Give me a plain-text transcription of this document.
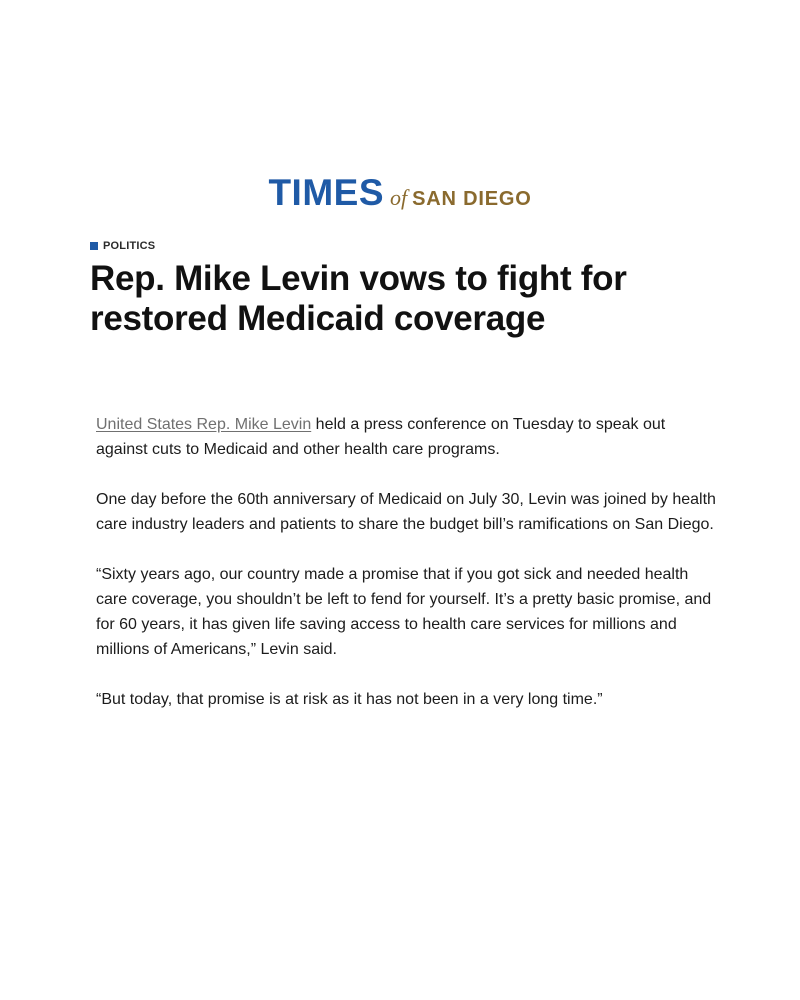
TIMES of SAN DIEGO
POLITICS
Rep. Mike Levin vows to fight for restored Medicaid coverage

United States Rep. Mike Levin held a press conference on Tuesday to speak out against cuts to Medicaid and other health care programs.

One day before the 60th anniversary of Medicaid on July 30, Levin was joined by health care industry leaders and patients to share the budget bill’s ramifications on San Diego.

“Sixty years ago, our country made a promise that if you got sick and needed health care coverage, you shouldn’t be left to fend for yourself. It’s a pretty basic promise, and for 60 years, it has given life saving access to health care services for millions and millions of Americans,” Levin said.

“But today, that promise is at risk as it has not been in a very long time.”
